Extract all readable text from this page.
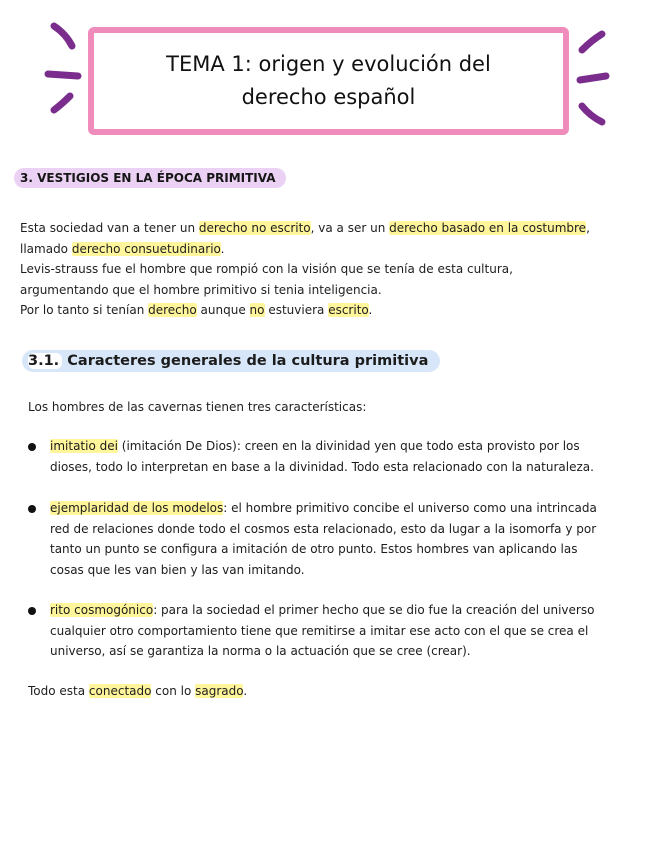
TEMA 1: origen y evolución del
derecho español
3. VESTIGIOS EN LA ÉPOCA PRIMITIVA
Esta sociedad van a tener un derecho no escrito, va a ser un derecho basado en la costumbre,
llamado derecho consuetudinario.
Levis-strauss fue el hombre que rompió con la visión que se tenía de esta cultura,
argumentando que el hombre primitivo si tenia inteligencia.
Por lo tanto si tenían derecho aunque no estuviera escrito.
3.1. Caracteres generales de la cultura primitiva
Los hombres de las cavernas tienen tres características:
imitatio dei (imitación De Dios): creen en la divinidad yen que todo esta provisto por los
dioses, todo lo interpretan en base a la divinidad. Todo esta relacionado con la naturaleza.
ejemplaridad de los modelos: el hombre primitivo concibe el universo como una intrincada
red de relaciones donde todo el cosmos esta relacionado, esto da lugar a la isomorfa y por
tanto un punto se configura a imitación de otro punto. Estos hombres van aplicando las
cosas que les van bien y las van imitando.
rito cosmogónico: para la sociedad el primer hecho que se dio fue la creación del universo
cualquier otro comportamiento tiene que remitirse a imitar ese acto con el que se crea el
universo, así se garantiza la norma o la actuación que se cree (crear).
Todo esta conectado con lo sagrado.
